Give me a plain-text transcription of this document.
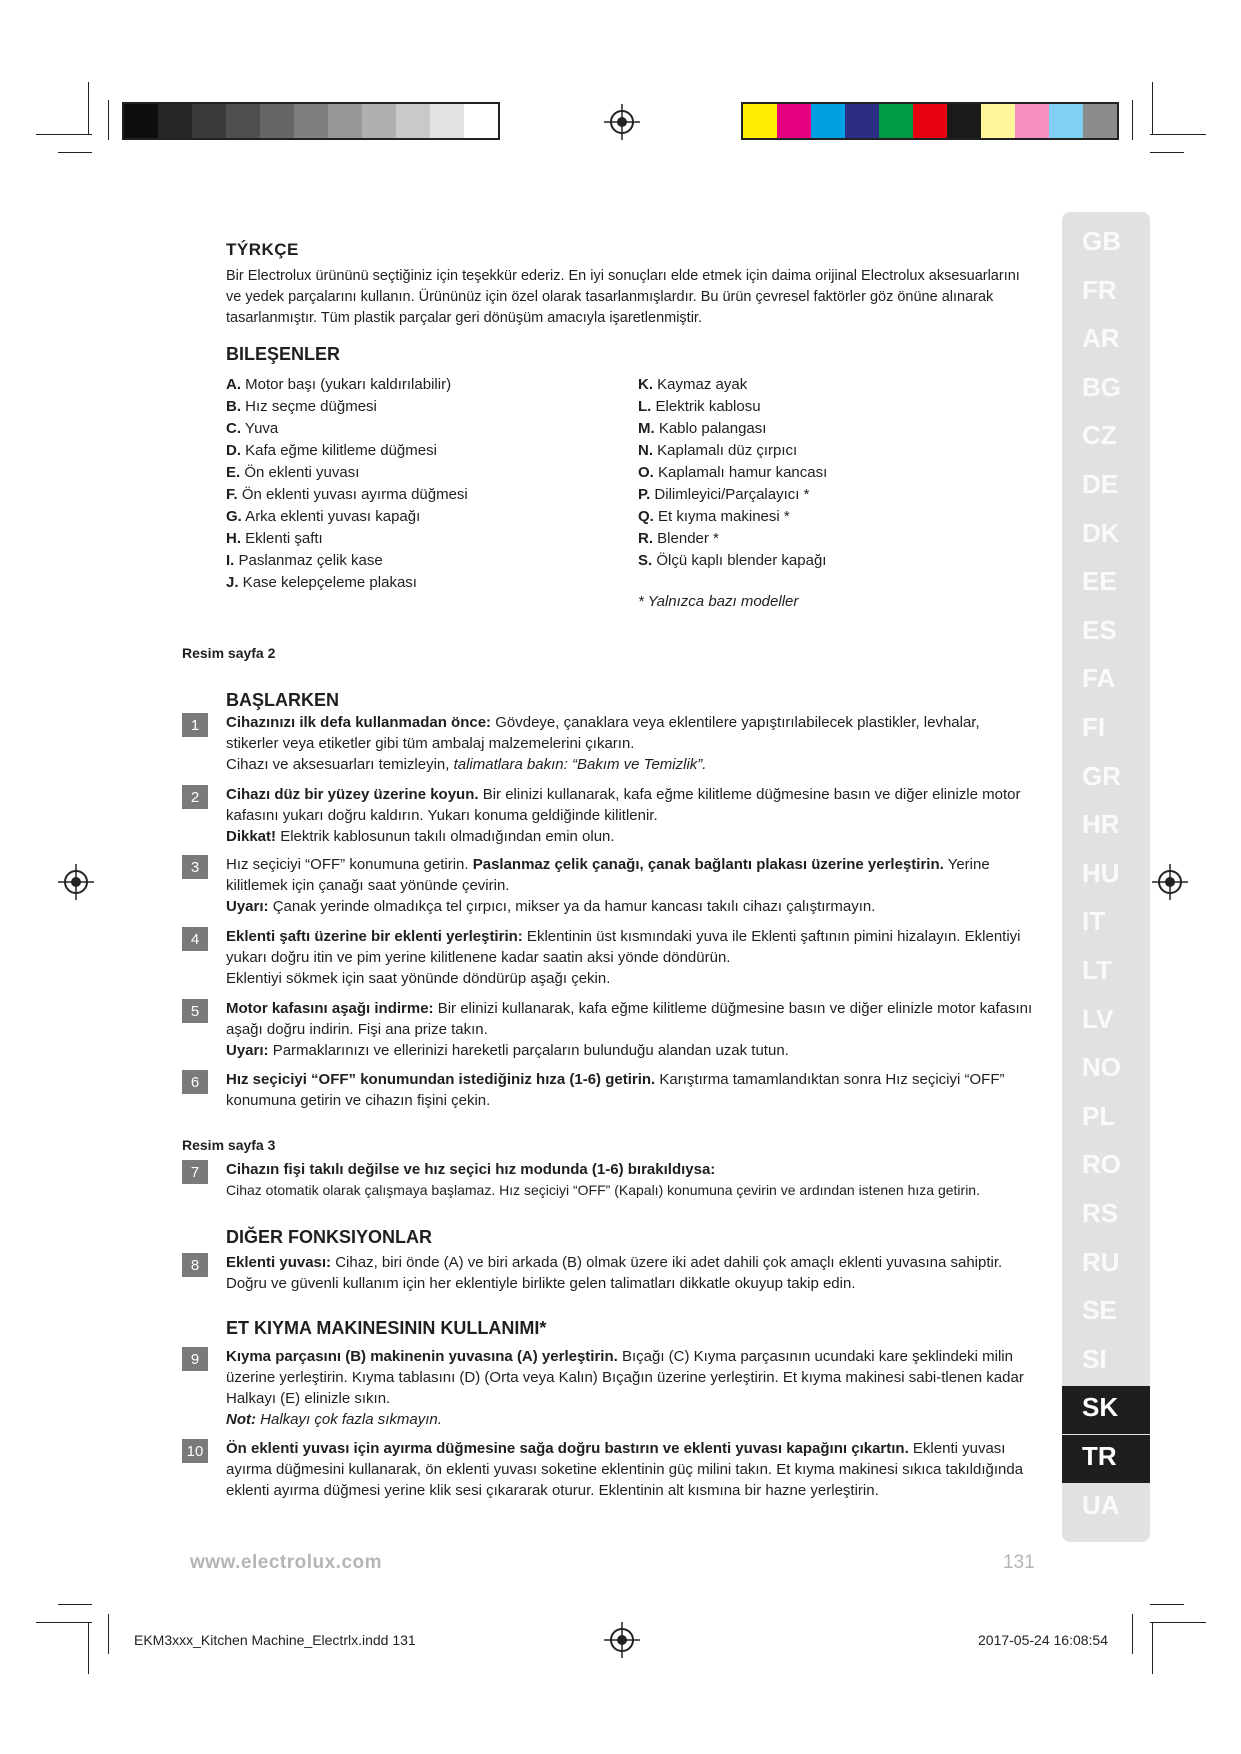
GB
FR
AR
BG
CZ
DE
DK
EE
ES
FA
FI
GR
HR
HU
IT
LT
LV
NO
PL
RO
RS
RU
SE
SI
SK
TR
UA
TÝRKÇE
Bir Electrolux ürününü seçtiğiniz için teşekkür ederiz. En iyi sonuçları elde etmek için daima orijinal Electrolux aksesuarlarını ve yedek parçalarını kullanın. Ürününüz için özel olarak tasarlanmışlardır. Bu ürün çevresel faktörler göz önüne alınarak tasarlanmıştır. Tüm plastik parçalar geri dönüşüm amacıyla işaretlenmiştir.
BILEŞENLER
A. Motor başı (yukarı kaldırılabilir)
B. Hız seçme düğmesi
C. Yuva
D. Kafa eğme kilitleme düğmesi
E. Ön eklenti yuvası
F. Ön eklenti yuvası ayırma düğmesi
G. Arka eklenti yuvası kapağı
H. Eklenti şaftı
I. Paslanmaz çelik kase
J. Kase kelepçeleme plakası
K. Kaymaz ayak
L. Elektrik kablosu
M. Kablo palangası
N. Kaplamalı düz çırpıcı
O. Kaplamalı hamur kancası
P. Dilimleyici/Parçalayıcı *
Q. Et kıyma makinesi *
R. Blender *
S. Ölçü kaplı blender kapağı
* Yalnızca bazı modeller
Resim sayfa 2
BAŞLARKEN
1	Cihazınızı ilk defa kullanmadan önce: Gövdeye, çanaklara veya eklentilere yapıştırılabilecek plastikler, levhalar, stikerler veya etiketler gibi tüm ambalaj malzemelerini çıkarın.
Cihazı ve aksesuarları temizleyin, talimatlara bakın: “Bakım ve Temizlik”.
2	Cihazı düz bir yüzey üzerine koyun. Bir elinizi kullanarak, kafa eğme kilitleme düğmesine basın ve diğer elinizle motor kafasını yukarı doğru kaldırın. Yukarı konuma geldiğinde kilitlenir.
Dikkat! Elektrik kablosunun takılı olmadığından emin olun.
3	Hız seçiciyi “OFF” konumuna getirin. Paslanmaz çelik çanağı, çanak bağlantı plakası üzerine yerleştirin. Yerine kilitlemek için çanağı saat yönünde çevirin.
Uyarı: Çanak yerinde olmadıkça tel çırpıcı, mikser ya da hamur kancası takılı cihazı çalıştırmayın.
4	Eklenti şaftı üzerine bir eklenti yerleştirin: Eklentinin üst kısmındaki yuva ile Eklenti şaftının pimini hizalayın. Eklentiyi yukarı doğru itin ve pim yerine kilitlenene kadar saatin aksi yönde döndürün.
Eklentiyi sökmek için saat yönünde döndürüp aşağı çekin.
5	Motor kafasını aşağı indirme: Bir elinizi kullanarak, kafa eğme kilitleme düğmesine basın ve diğer elinizle motor kafasını aşağı doğru indirin. Fişi ana prize takın.
Uyarı: Parmaklarınızı ve ellerinizi hareketli parçaların bulunduğu alandan uzak tutun.
6	Hız seçiciyi “OFF” konumundan istediğiniz hıza (1-6) getirin. Karıştırma tamamlandıktan sonra Hız seçiciyi “OFF” konumuna getirin ve cihazın fişini çekin.
Resim sayfa 3
7	Cihazın fişi takılı değilse ve hız seçici hız modunda (1-6) bırakıldıysa:
Cihaz otomatik olarak çalışmaya başlamaz. Hız seçiciyi “OFF” (Kapalı) konumuna çevirin ve ardından istenen hıza getirin.
DIĞER FONKSIYONLAR
8	Eklenti yuvası: Cihaz, biri önde (A) ve biri arkada (B) olmak üzere iki adet dahili çok amaçlı eklenti yuvasına sahiptir. Doğru ve güvenli kullanım için her eklentiyle birlikte gelen talimatları dikkatle okuyup takip edin.
ET KIYMA MAKINESININ KULLANIMI*
9	Kıyma parçasını (B) makinenin yuvasına (A) yerleştirin. Bıçağı (C) Kıyma parçasının ucundaki kare şeklindeki milin üzerine yerleştirin. Kıyma tablasını (D) (Orta veya Kalın) Bıçağın üzerine yerleştirin. Et kıyma makinesi sabi-tlenen kadar Halkayı (E) elinizle sıkın.
Not: Halkayı çok fazla sıkmayın.
10	Ön eklenti yuvası için ayırma düğmesine sağa doğru bastırın ve eklenti yuvası kapağını çıkartın. Eklenti yuvası ayırma düğmesini kullanarak, ön eklenti yuvası soketine eklentinin güç milini takın. Et kıyma makinesi sıkıca takıldığında eklenti ayırma düğmesi yerine klik sesi çıkararak oturur. Eklentinin alt kısmına bir hazne yerleştirin.
www.electrolux.com	131
EKM3xxx_Kitchen Machine_Electrlx.indd 131	2017-05-24 16:08:54
